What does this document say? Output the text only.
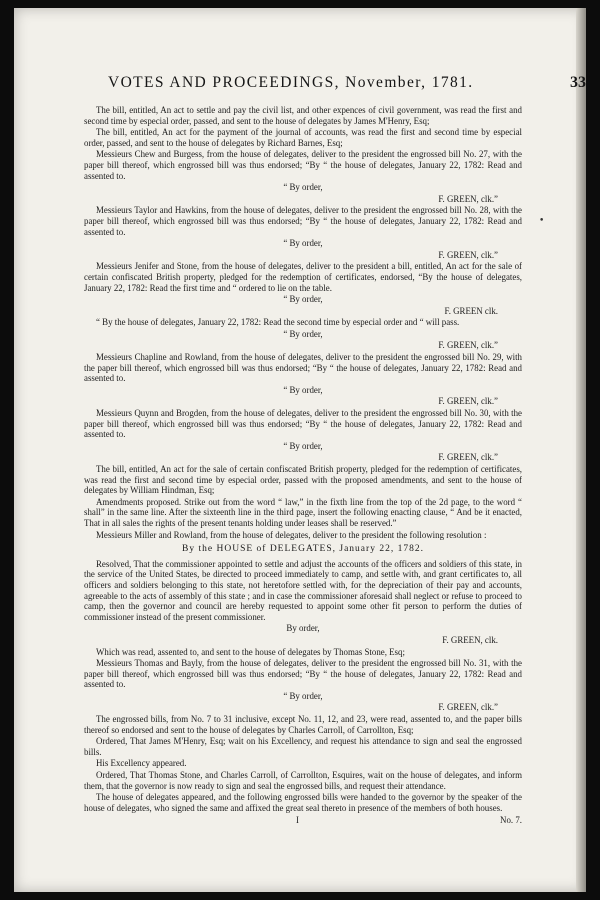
VOTES AND PROCEEDINGS, November, 1781.	33
•

The bill, entitled, An act to settle and pay the civil list, and other expences of civil government, was read the first and second time by especial order, passed, and sent to the house of delegates by James M'Henry, Esq;

The bill, entitled, An act for the payment of the journal of accounts, was read the first and second time by especial order, passed, and sent to the house of delegates by Richard Barnes, Esq;

Messieurs Chew and Burgess, from the house of delegates, deliver to the president the engrossed bill No. 27, with the paper bill thereof, which engrossed bill was thus endorsed; “By “ the house of delegates, January 22, 1782: Read and assented to.

“ By order,

F. GREEN, clk.”

Messieurs Taylor and Hawkins, from the house of delegates, deliver to the president the engrossed bill No. 28, with the paper bill thereof, which engrossed bill was thus endorsed; “By “ the house of delegates, January 22, 1782: Read and assented to.

“ By order,

F. GREEN, clk.”

Messieurs Jenifer and Stone, from the house of delegates, deliver to the president a bill, entitled, An act for the sale of certain confiscated British property, pledged for the redemption of certificates, endorsed, “By the house of delegates, January 22, 1782: Read the first time and “ ordered to lie on the table.

“ By order,

F. GREEN clk.

“ By the house of delegates, January 22, 1782: Read the second time by especial order and “ will pass.

“ By order,

F. GREEN, clk.”

Messieurs Chapline and Rowland, from the house of delegates, deliver to the president the engrossed bill No. 29, with the paper bill thereof, which engrossed bill was thus endorsed; “By “ the house of delegates, January 22, 1782: Read and assented to.

“ By order,

F. GREEN, clk.”

Messieurs Quynn and Brogden, from the house of delegates, deliver to the president the engrossed bill No. 30, with the paper bill thereof, which engrossed bill was thus endorsed; “By “ the house of delegates, January 22, 1782: Read and assented to.

“ By order,

F. GREEN, clk.”

The bill, entitled, An act for the sale of certain confiscated British property, pledged for the redemption of certificates, was read the first and second time by especial order, passed with the proposed amendments, and sent to the house of delegates by William Hindman, Esq;

Amendments proposed. Strike out from the word “ law,” in the fixth line from the top of the 2d page, to the word “ shall” in the same line. After the sixteenth line in the third page, insert the following enacting clause, “ And be it enacted, That in all sales the rights of the present tenants holding under leases shall be reserved.”

Messieurs Miller and Rowland, from the house of delegates, deliver to the president the following resolution :

By the HOUSE of DELEGATES, January 22, 1782.

Resolved, That the commissioner appointed to settle and adjust the accounts of the officers and soldiers of this state, in the service of the United States, be directed to proceed immediately to camp, and settle with, and grant certificates to, all officers and soldiers belonging to this state, not heretofore settled with, for the depreciation of their pay and accounts, agreeable to the acts of assembly of this state ; and in case the commissioner aforesaid shall neglect or refuse to proceed to camp, then the governor and council are hereby requested to appoint some other fit person to perform the duties of commissioner instead of the present commissioner.

By order,

F. GREEN, clk.

Which was read, assented to, and sent to the house of delegates by Thomas Stone, Esq;

Messieurs Thomas and Bayly, from the house of delegates, deliver to the president the engrossed bill No. 31, with the paper bill thereof, which engrossed bill was thus endorsed; “By “ the house of delegates, January 22, 1782: Read and assented to.

“ By order,

F. GREEN, clk.”

The engrossed bills, from No. 7 to 31 inclusive, except No. 11, 12, and 23, were read, assented to, and the paper bills thereof so endorsed and sent to the house of delegates by Charles Carroll, of Carrollton, Esq;

Ordered, That James M'Henry, Esq; wait on his Excellency, and request his attendance to sign and seal the engrossed bills.

His Excellency appeared.

Ordered, That Thomas Stone, and Charles Carroll, of Carrollton, Esquires, wait on the house of delegates, and inform them, that the governor is now ready to sign and seal the engrossed bills, and request their attendance.

The house of delegates appeared, and the following engrossed bills were handed to the governor by the speaker of the house of delegates, who signed the same and affixed the great seal thereto in presence of the members of both houses.

I	No. 7.
